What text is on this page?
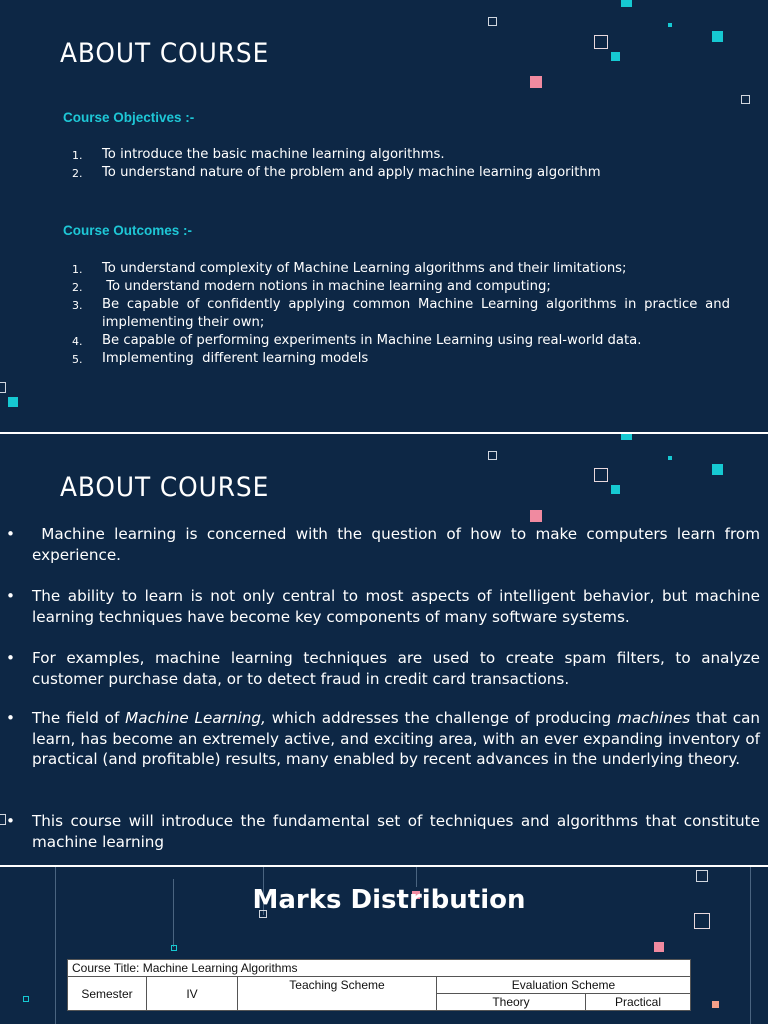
ABOUT COURSE
Course Objectives :-
1. To introduce the basic machine learning algorithms.
2. To understand nature of the problem and apply machine learning algorithm
Course Outcomes :-
1. To understand complexity of Machine Learning algorithms and their limitations;
2. To understand modern notions in machine learning and computing;
3. Be capable of confidently applying common Machine Learning algorithms in practice and implementing their own;
4. Be capable of performing experiments in Machine Learning using real-world data.
5. Implementing  different learning models
ABOUT COURSE
• Machine learning is concerned with the question of how to make computers learn from experience.
• The ability to learn is not only central to most aspects of intelligent behavior, but machine learning techniques have become key components of many software systems.
• For examples, machine learning techniques are used to create spam filters, to analyze customer purchase data, or to detect fraud in credit card transactions.
• The field of Machine Learning, which addresses the challenge of producing machines that can learn, has become an extremely active, and exciting area, with an ever expanding inventory of  practical (and profitable) results, many enabled by recent advances in the underlying theory.
• This course will introduce the fundamental set of techniques and algorithms that constitute machine learning
Marks Distribution
Course Title: Machine Learning Algorithms				
Semester	IV	Teaching Scheme	Evaluation Scheme	
			Theory	Practical
